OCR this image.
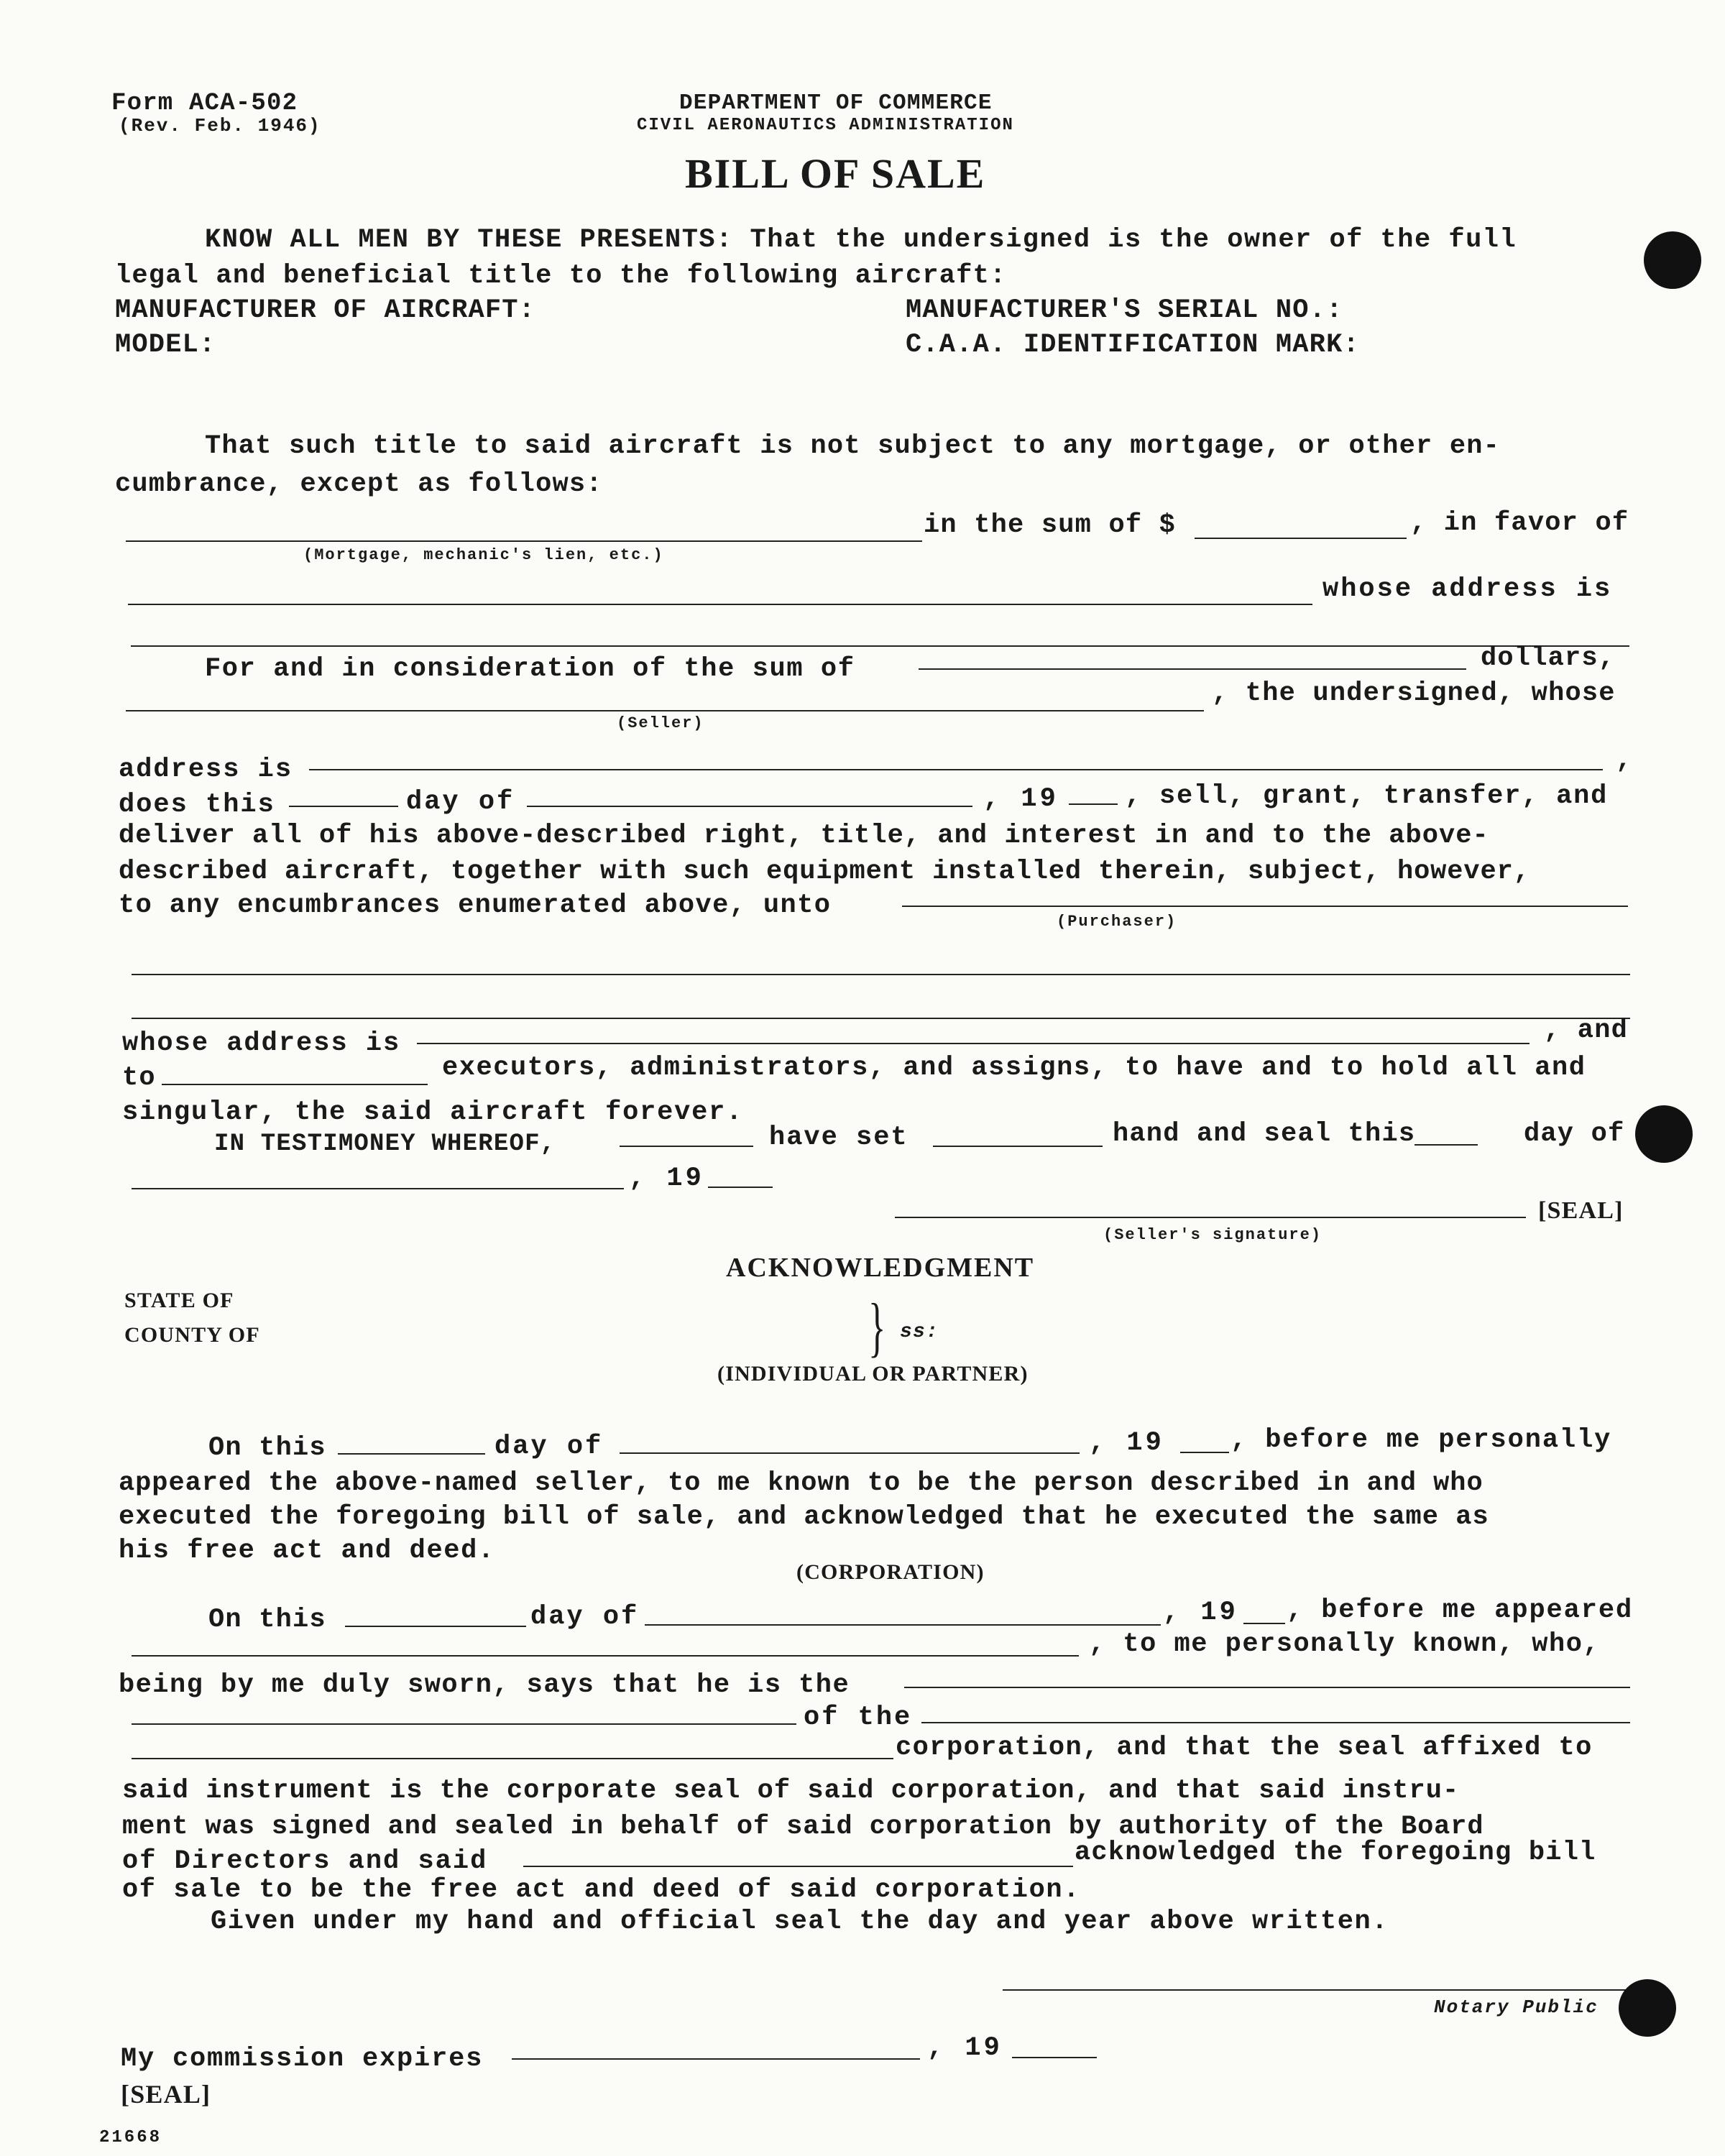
Form ACA-502
(Rev. Feb. 1946)
DEPARTMENT OF COMMERCE
CIVIL AERONAUTICS ADMINISTRATION
BILL OF SALE
KNOW ALL MEN BY THESE PRESENTS: That the undersigned is the owner of the full
legal and beneficial title to the following aircraft:
MANUFACTURER OF AIRCRAFT:	MANUFACTURER'S SERIAL NO.:
MODEL:	C.A.A. IDENTIFICATION MARK:
That such title to said aircraft is not subject to any mortgage, or other en-
cumbrance, except as follows:
in the sum of $	, in favor of
(Mortgage, mechanic's lien, etc.)
whose address is
For and in consideration of the sum of	dollars,
, the undersigned, whose
(Seller)
address is	,
does this	day of	, 19 , sell, grant, transfer, and
deliver all of his above-described right, title, and interest in and to the above-
described aircraft, together with such equipment installed therein, subject, however,
to any encumbrances enumerated above, unto
(Purchaser)
whose address is	, and
to	executors, administrators, and assigns, to have and to hold all and
singular, the said aircraft forever.
IN TESTIMONEY WHEREOF,	have set	hand and seal this	day of
, 19
[SEAL]
(Seller's signature)
ACKNOWLEDGMENT
STATE OF
COUNTY OF	} ss:
(INDIVIDUAL OR PARTNER)
On this	day of	, 19 , before me personally
appeared the above-named seller, to me known to be the person described in and who
executed the foregoing bill of sale, and acknowledged that he executed the same as
his free act and deed.
(CORPORATION)
On this	day of	, 19 , before me appeared
, to me personally known, who,
being by me duly sworn, says that he is the
of the
corporation, and that the seal affixed to
said instrument is the corporate seal of said corporation, and that said instru-
ment was signed and sealed in behalf of said corporation by authority of the Board
of Directors and said	acknowledged the foregoing bill
of sale to be the free act and deed of said corporation.
Given under my hand and official seal the day and year above written.
Notary Public
My commission expires	, 19
[SEAL]
21668
